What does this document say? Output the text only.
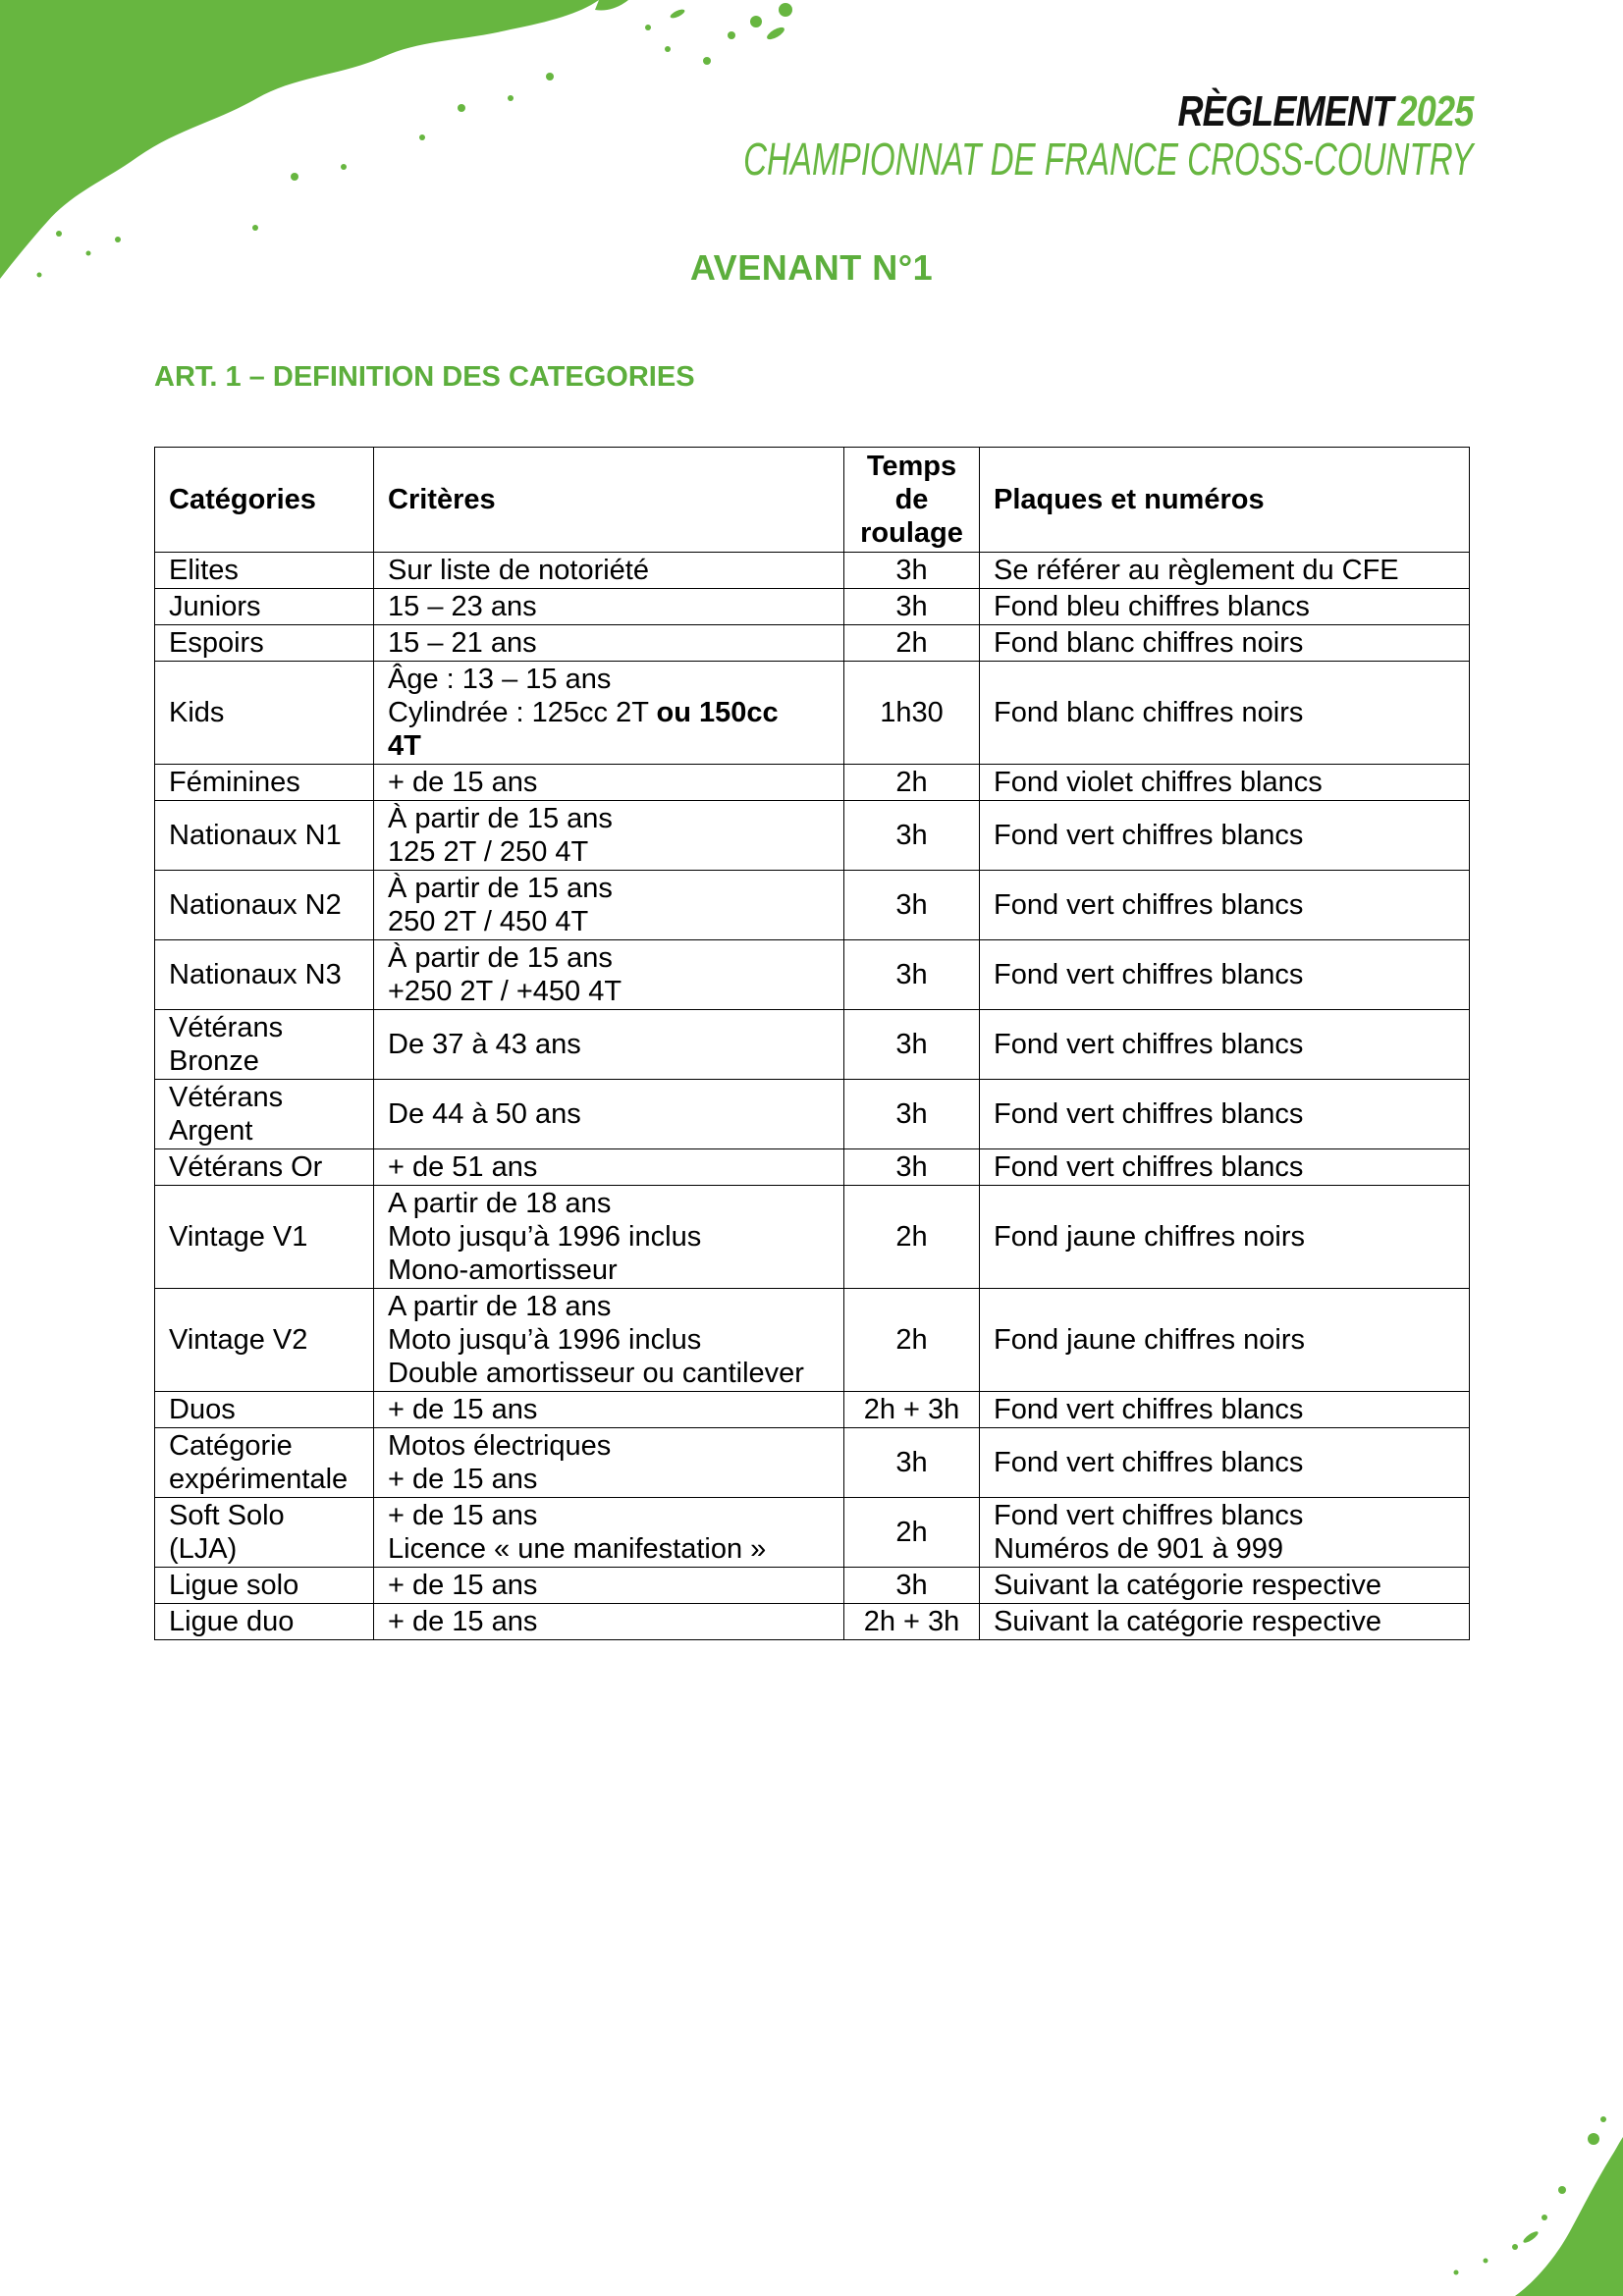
RÈGLEMENT 2025
CHAMPIONNAT DE FRANCE CROSS-COUNTRY
AVENANT N°1
ART. 1 – DEFINITION DES CATEGORIES
Catégories	Critères	Temps
de
roulage	Plaques et numéros

Elites	Sur liste de notoriété	3h	Se référer au règlement du CFE

Juniors	15 – 23 ans	3h	Fond bleu chiffres blancs

Espoirs	15 – 21 ans	2h	Fond blanc chiffres noirs

Kids	Âge : 13 – 15 ans
Cylindrée : 125cc 2T ou 150cc
4T	1h30	Fond blanc chiffres noirs

Féminines	+ de 15 ans	2h	Fond violet chiffres blancs

Nationaux N1	À partir de 15 ans
125 2T / 250 4T	3h	Fond vert chiffres blancs

Nationaux N2	À partir de 15 ans
250 2T / 450 4T	3h	Fond vert chiffres blancs

Nationaux N3	À partir de 15 ans
+250 2T / +450 4T	3h	Fond vert chiffres blancs

Vétérans
Bronze	De 37 à 43 ans	3h	Fond vert chiffres blancs

Vétérans
Argent	De 44 à 50 ans	3h	Fond vert chiffres blancs

Vétérans Or	+ de 51 ans	3h	Fond vert chiffres blancs

Vintage V1	A partir de 18 ans
Moto jusqu’à 1996 inclus
Mono-amortisseur	2h	Fond jaune chiffres noirs

Vintage V2	A partir de 18 ans
Moto jusqu’à 1996 inclus
Double amortisseur ou cantilever	2h	Fond jaune chiffres noirs

Duos	+ de 15 ans	2h + 3h	Fond vert chiffres blancs

Catégorie
expérimentale	Motos électriques
+ de 15 ans	3h	Fond vert chiffres blancs

Soft Solo
(LJA)	+ de 15 ans
Licence « une manifestation »	2h	Fond vert chiffres blancs
Numéros de 901 à 999

Ligue solo	+ de 15 ans	3h	Suivant la catégorie respective

Ligue duo	+ de 15 ans	2h + 3h	Suivant la catégorie respective
